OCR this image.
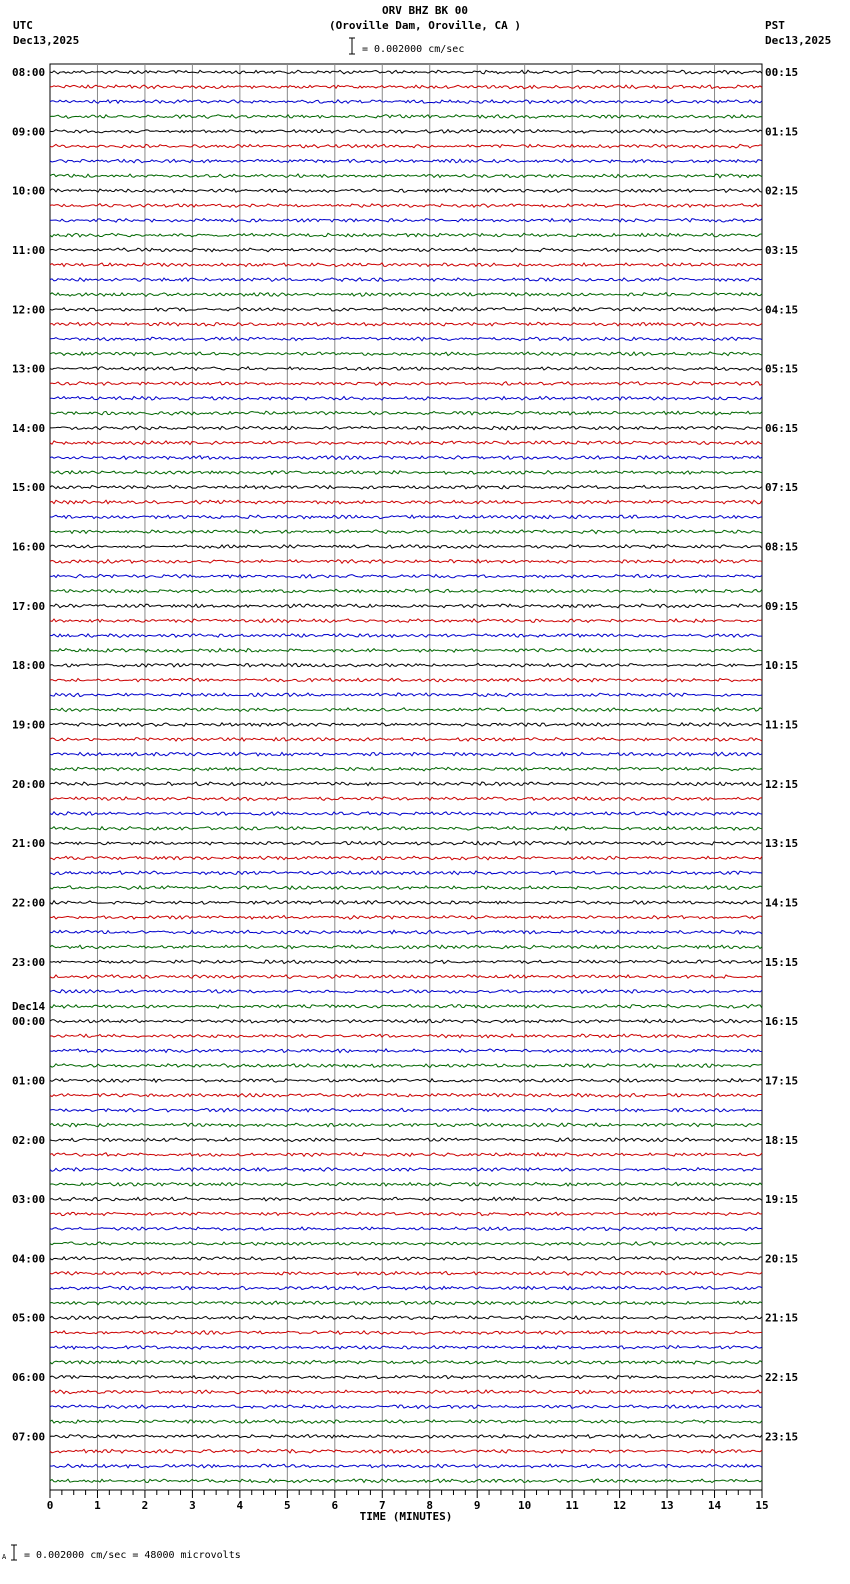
ORV BHZ BK 00
(Oroville Dam, Oroville, CA )
UTC
Dec13,2025
PST
Dec13,2025
= 0.002000 cm/sec
08:00
09:00
10:00
11:00
12:00
13:00
14:00
15:00
16:00
17:00
18:00
19:00
20:00
21:00
22:00
23:00
00:00
Dec14
01:00
02:00
03:00
04:00
05:00
06:00
07:00
00:15
01:15
02:15
03:15
04:15
05:15
06:15
07:15
08:15
09:15
10:15
11:15
12:15
13:15
14:15
15:15
16:15
17:15
18:15
19:15
20:15
21:15
22:15
23:15
0	1	2	3	4	5	6	7	8	9	10	11	12	13	14	15
TIME (MINUTES)
A = 0.002000 cm/sec = 48000 microvolts
